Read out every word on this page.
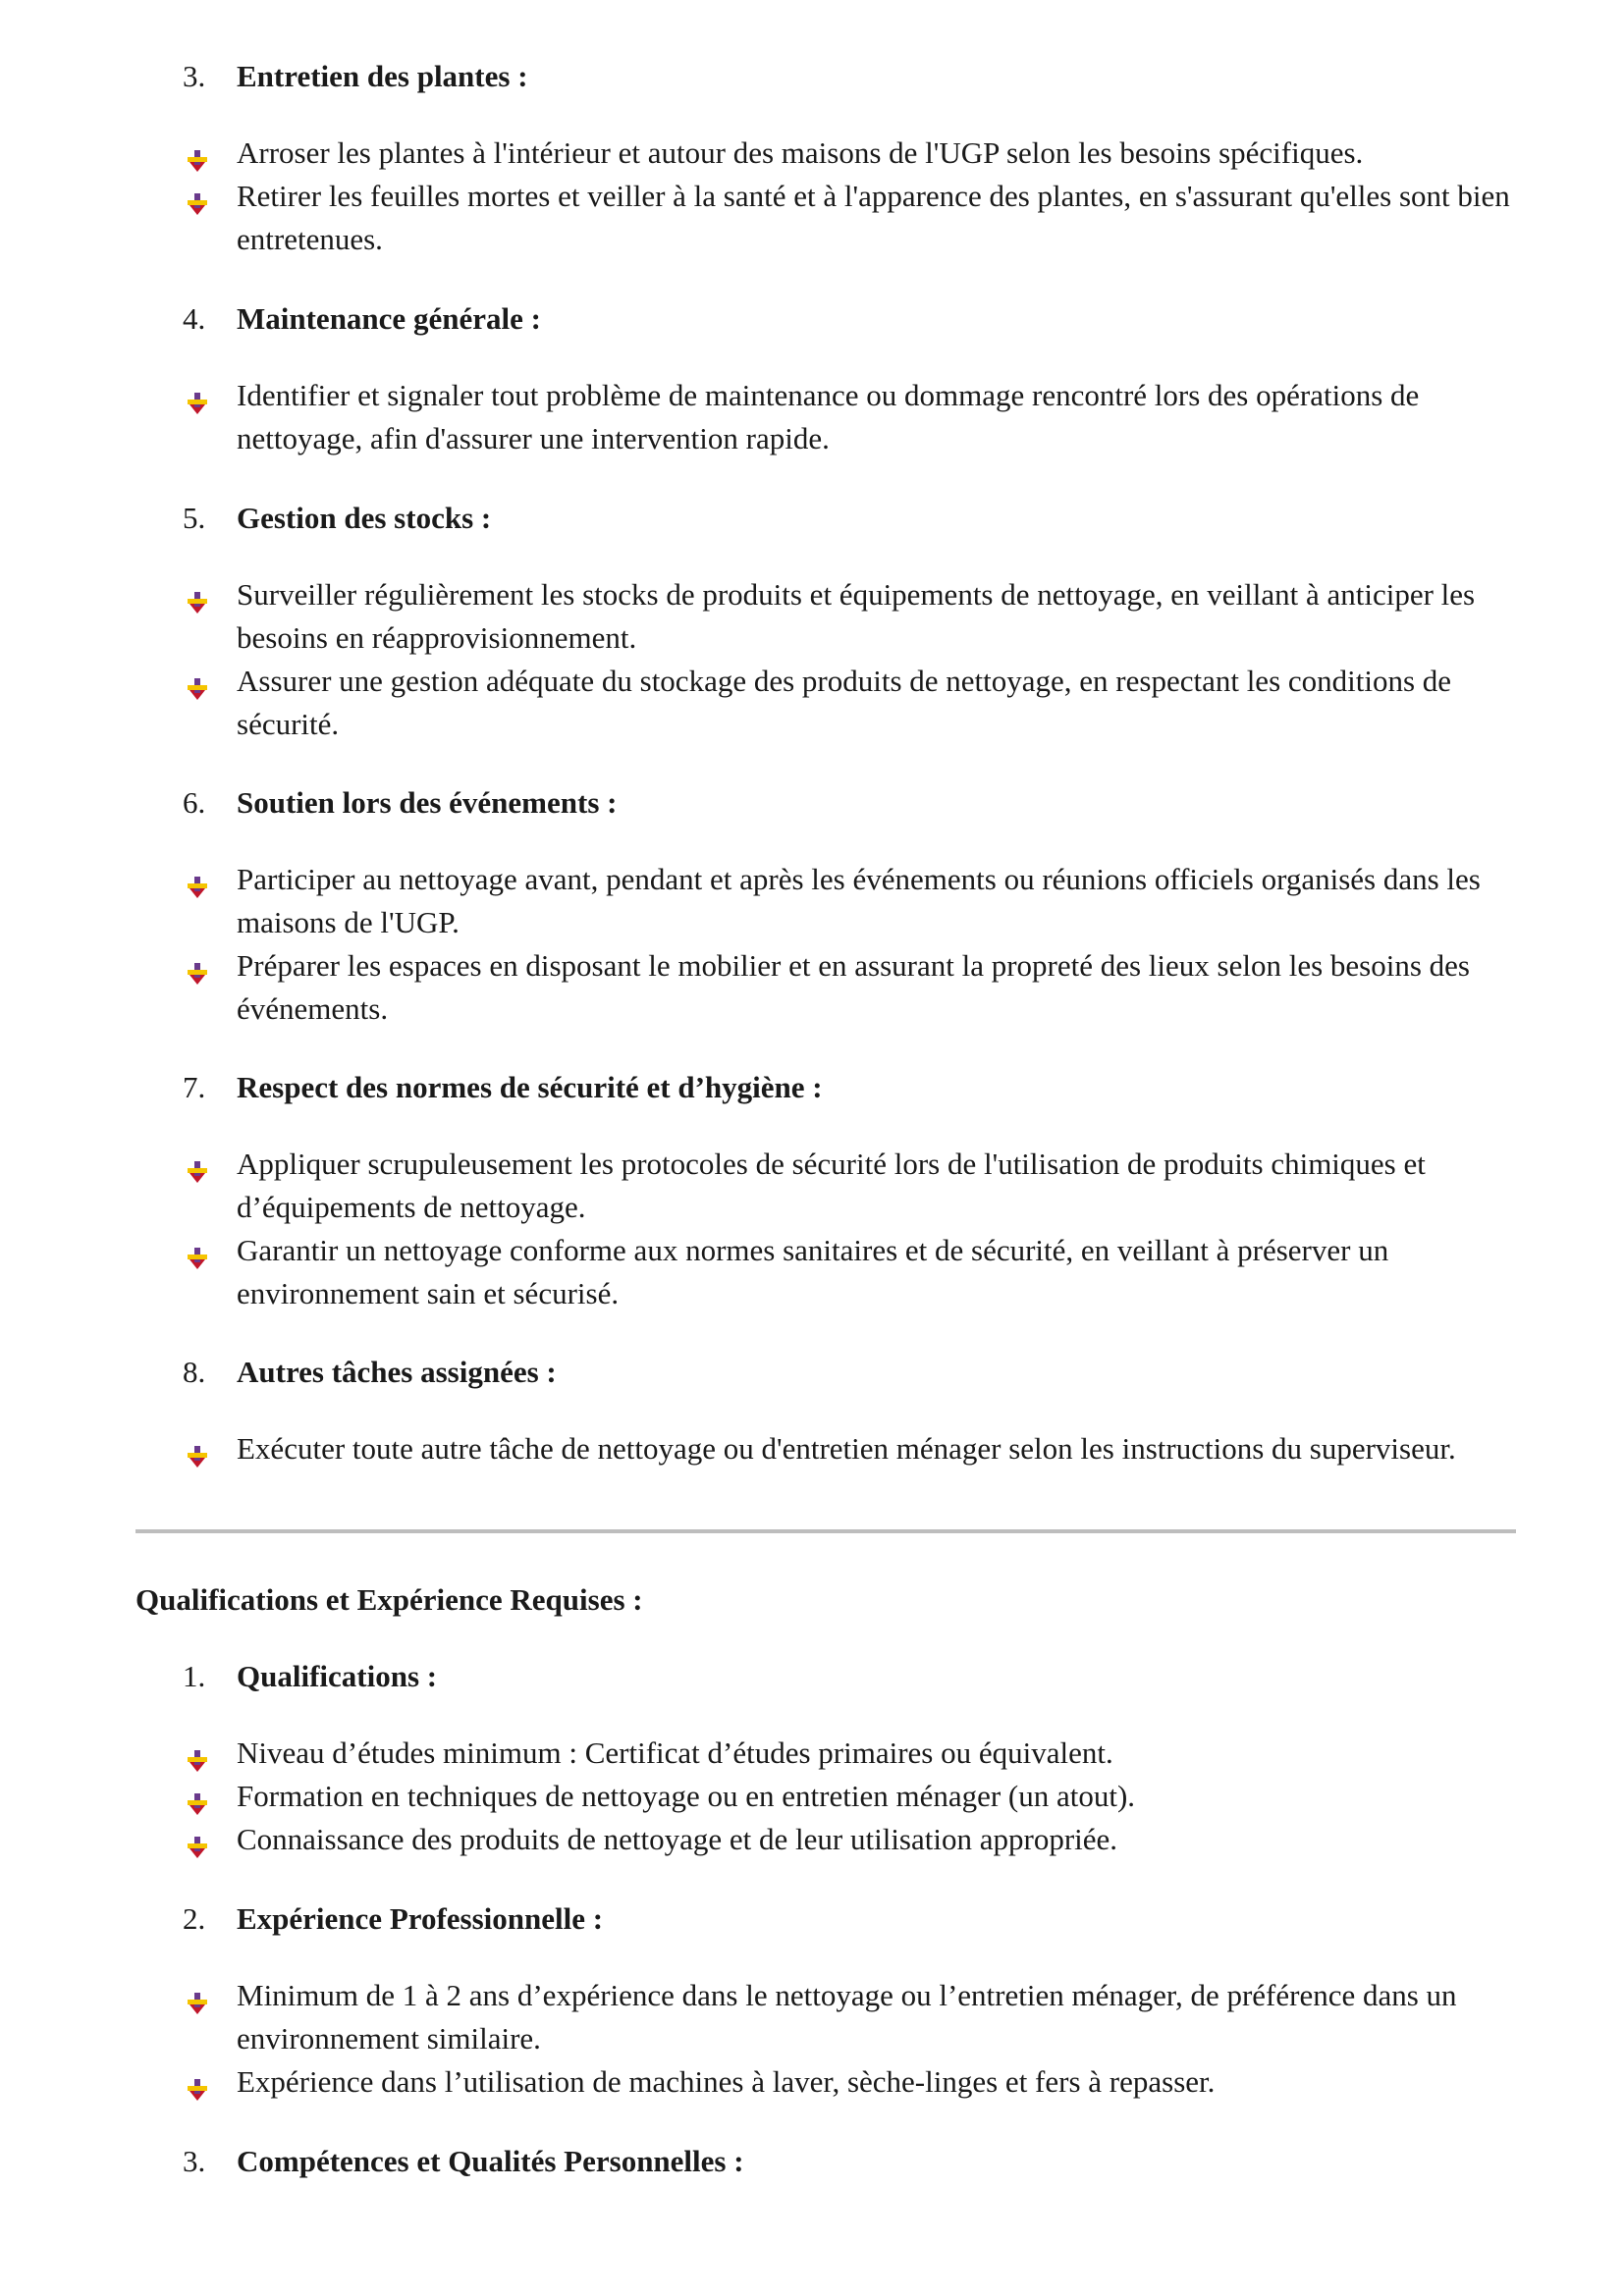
3. Entretien des plantes :
Arroser les plantes à l'intérieur et autour des maisons de l'UGP selon les besoins spécifiques.
Retirer les feuilles mortes et veiller à la santé et à l'apparence des plantes, en s'assurant qu'elles sont bien entretenues.
4. Maintenance générale :
Identifier et signaler tout problème de maintenance ou dommage rencontré lors des opérations de nettoyage, afin d'assurer une intervention rapide.
5. Gestion des stocks :
Surveiller régulièrement les stocks de produits et équipements de nettoyage, en veillant à anticiper les besoins en réapprovisionnement.
Assurer une gestion adéquate du stockage des produits de nettoyage, en respectant les conditions de sécurité.
6. Soutien lors des événements :
Participer au nettoyage avant, pendant et après les événements ou réunions officiels organisés dans les maisons de l'UGP.
Préparer les espaces en disposant le mobilier et en assurant la propreté des lieux selon les besoins des événements.
7. Respect des normes de sécurité et d’hygiène :
Appliquer scrupuleusement les protocoles de sécurité lors de l'utilisation de produits chimiques et d’équipements de nettoyage.
Garantir un nettoyage conforme aux normes sanitaires et de sécurité, en veillant à préserver un environnement sain et sécurisé.
8. Autres tâches assignées :
Exécuter toute autre tâche de nettoyage ou d'entretien ménager selon les instructions du superviseur.
Qualifications et Expérience Requises :
1. Qualifications :
Niveau d’études minimum : Certificat d’études primaires ou équivalent.
Formation en techniques de nettoyage ou en entretien ménager (un atout).
Connaissance des produits de nettoyage et de leur utilisation appropriée.
2. Expérience Professionnelle :
Minimum de 1 à 2 ans d’expérience dans le nettoyage ou l’entretien ménager, de préférence dans un environnement similaire.
Expérience dans l’utilisation de machines à laver, sèche-linges et fers à repasser.
3. Compétences et Qualités Personnelles :
